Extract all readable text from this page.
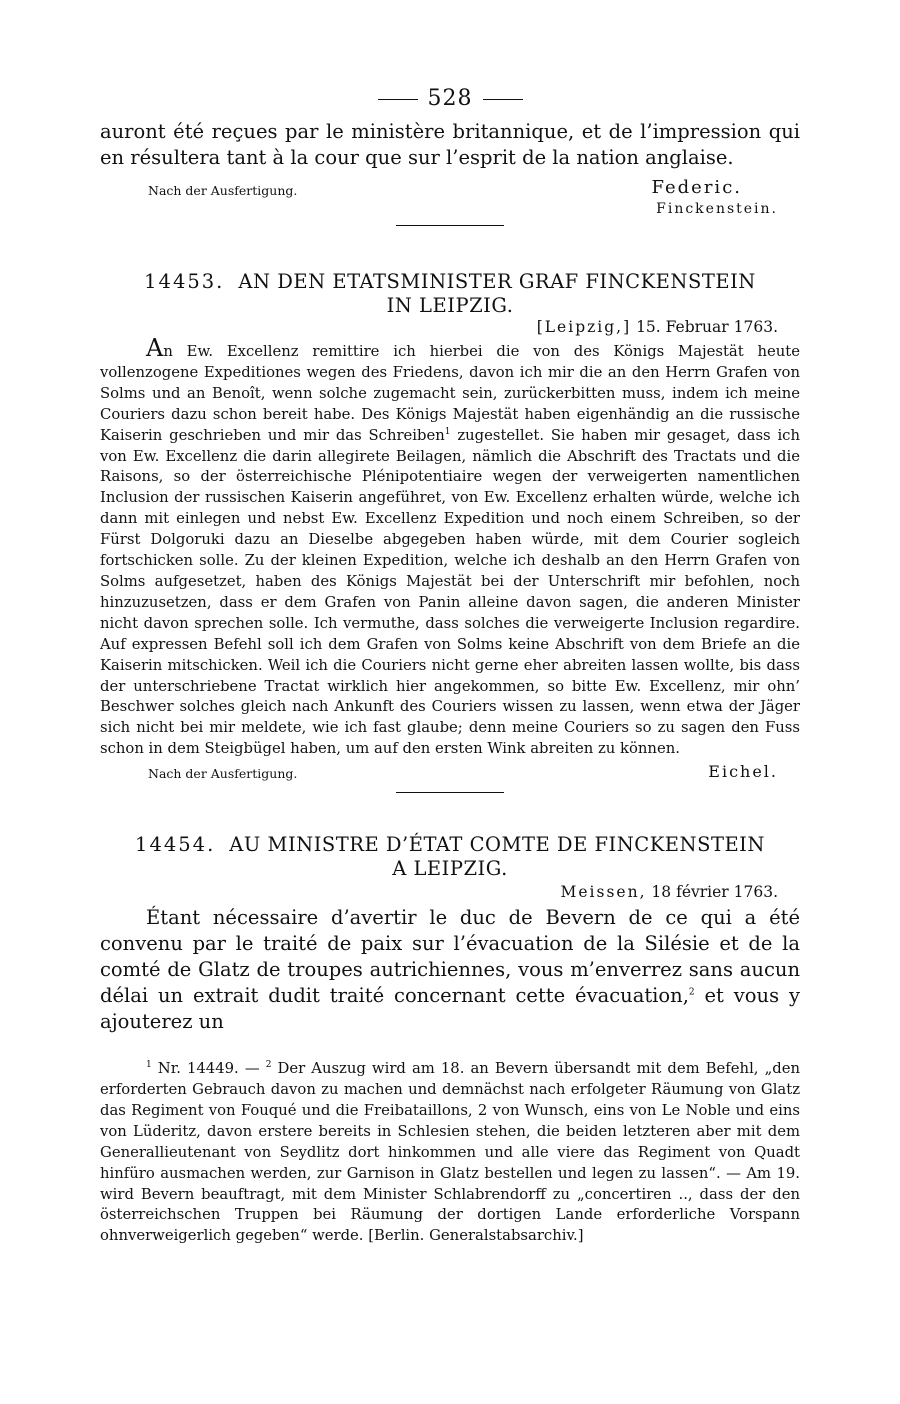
528

auront été reçues par le ministère britannique, et de l’impression qui en résultera tant à la cour que sur l’esprit de la nation anglaise.

Nach der Ausfertigung.	Federic.
Finckenstein.
14453. AN DEN ETATSMINISTER GRAF FINCKENSTEIN
IN LEIPZIG.
[Leipzig,] 15. Februar 1763.

An Ew. Excellenz remittire ich hierbei die von des Königs Majestät heute vollenzogene Expeditiones wegen des Friedens, davon ich mir die an den Herrn Grafen von Solms und an Benoît, wenn solche zugemacht sein, zurückerbitten muss, indem ich meine Couriers dazu schon bereit habe. Des Königs Majestät haben eigenhändig an die russische Kaiserin geschrieben und mir das Schreiben$^1$ zugestellet. Sie haben mir gesaget, dass ich von Ew. Excellenz die darin allegirete Beilagen, nämlich die Abschrift des Tractats und die Raisons, so der österreichische Plénipotentiaire wegen der verweigerten namentlichen Inclusion der russischen Kaiserin angeführet, von Ew. Excellenz erhalten würde, welche ich dann mit einlegen und nebst Ew. Excellenz Expedition und noch einem Schreiben, so der Fürst Dolgoruki dazu an Dieselbe abgegeben haben würde, mit dem Courier sogleich fortschicken solle. Zu der kleinen Expedition, welche ich deshalb an den Herrn Grafen von Solms aufgesetzet, haben des Königs Majestät bei der Unterschrift mir befohlen, noch hinzuzusetzen, dass er dem Grafen von Panin alleine davon sagen, die anderen Minister nicht davon sprechen solle. Ich vermuthe, dass solches die verweigerte Inclusion regardire. Auf expressen Befehl soll ich dem Grafen von Solms keine Abschrift von dem Briefe an die Kaiserin mitschicken. Weil ich die Couriers nicht gerne eher abreiten lassen wollte, bis dass der unterschriebene Tractat wirklich hier angekommen, so bitte Ew. Excellenz, mir ohn’ Beschwer solches gleich nach Ankunft des Couriers wissen zu lassen, wenn etwa der Jäger sich nicht bei mir meldete, wie ich fast glaube; denn meine Couriers so zu sagen den Fuss schon in dem Steigbügel haben, um auf den ersten Wink abreiten zu können.

Nach der Ausfertigung.	Eichel.
14454. AU MINISTRE D’ÉTAT COMTE DE FINCKENSTEIN
A LEIPZIG.
Meissen, 18 février 1763.

Étant nécessaire d’avertir le duc de Bevern de ce qui a été convenu par le traité de paix sur l’évacuation de la Silésie et de la comté de Glatz de troupes autrichiennes, vous m’enverrez sans aucun délai un extrait dudit traité concernant cette évacuation,$^2$ et vous y ajouterez un

$^1$ Nr. 14449. — $^2$ Der Auszug wird am 18. an Bevern übersandt mit dem Befehl, „den erforderten Gebrauch davon zu machen und demnächst nach erfolgeter Räumung von Glatz das Regiment von Fouqué und die Freibataillons, 2 von Wunsch, eins von Le Noble und eins von Lüderitz, davon erstere bereits in Schlesien stehen, die beiden letzteren aber mit dem Generallieutenant von Seydlitz dort hinkommen und alle viere das Regiment von Quadt hinfüro ausmachen werden, zur Garnison in Glatz bestellen und legen zu lassen“. — Am 19. wird Bevern beauftragt, mit dem Minister Schlabrendorff zu „concertiren .., dass der den österreichschen Truppen bei Räumung der dortigen Lande erforderliche Vorspann ohnverweigerlich gegeben“ werde. [Berlin. Generalstabsarchiv.]
